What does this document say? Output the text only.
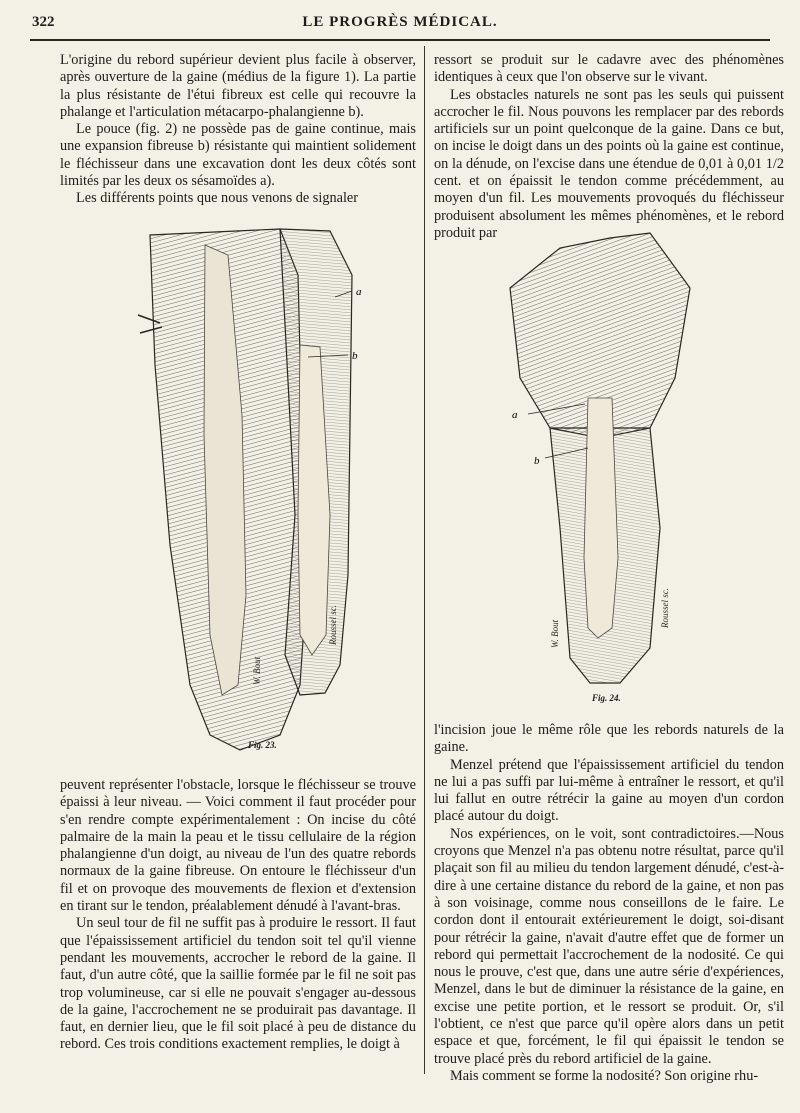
322	LE PROGRÈS MÉDICAL.

L'origine du rebord supérieur devient plus facile à observer, après ouverture de la gaine (médius de la figure 1). La partie la plus résistante de l'étui fibreux est celle qui recouvre la phalange et l'articulation métacarpo-phalangienne b).

Le pouce (fig. 2) ne possède pas de gaine continue, mais une expansion fibreuse b) résistante qui maintient solidement le fléchisseur dans une excavation dont les deux côtés sont limités par les deux os sésamoïdes a).

Les différents points que nous venons de signaler

a
b
W. Bout
Roussel sc.
Fig. 23.

peuvent représenter l'obstacle, lorsque le fléchisseur se trouve épaissi à leur niveau. — Voici comment il faut procéder pour s'en rendre compte expérimentalement : On incise du côté palmaire de la main la peau et le tissu cellulaire de la région phalangienne d'un doigt, au niveau de l'un des quatre rebords normaux de la gaine fibreuse. On entoure le fléchisseur d'un fil et on provoque des mouvements de flexion et d'extension en tirant sur le tendon, préalablement dénudé à l'avant-bras.

Un seul tour de fil ne suffit pas à produire le ressort. Il faut que l'épaississement artificiel du tendon soit tel qu'il vienne pendant les mouvements, accrocher le rebord de la gaine. Il faut, d'un autre côté, que la saillie formée par le fil ne soit pas trop volumineuse, car si elle ne pouvait s'engager au-dessous de la gaine, l'accrochement ne se produirait pas davantage. Il faut, en dernier lieu, que le fil soit placé à peu de distance du rebord. Ces trois conditions exactement remplies, le doigt à

ressort se produit sur le cadavre avec des phénomènes identiques à ceux que l'on observe sur le vivant.

Les obstacles naturels ne sont pas les seuls qui puissent accrocher le fil. Nous pouvons les remplacer par des rebords artificiels sur un point quelconque de la gaine. Dans ce but, on incise le doigt dans un des points où la gaine est continue, on la dénude, on l'excise dans une étendue de 0,01 à 0,01 1/2 cent. et on épaissit le tendon comme précédemment, au moyen d'un fil. Les mouvements provoqués du fléchisseur produisent absolument les mêmes phénomènes, et le rebord produit par

a
b
W. Bout
Roussel sc.
Fig. 24.

l'incision joue le même rôle que les rebords naturels de la gaine.

Menzel prétend que l'épaississement artificiel du tendon ne lui a pas suffi par lui-même à entraîner le ressort, et qu'il lui fallut en outre rétrécir la gaine au moyen d'un cordon placé autour du doigt.

Nos expériences, on le voit, sont contradictoires.—Nous croyons que Menzel n'a pas obtenu notre résultat, parce qu'il plaçait son fil au milieu du tendon largement dénudé, c'est-à-dire à une certaine distance du rebord de la gaine, et non pas à son voisinage, comme nous conseillons de le faire. Le cordon dont il entourait extérieurement le doigt, soi-disant pour rétrécir la gaine, n'avait d'autre effet que de former un rebord qui permettait l'accrochement de la nodosité. Ce qui nous le prouve, c'est que, dans une autre série d'expériences, Menzel, dans le but de diminuer la résistance de la gaine, en excise une petite portion, et le ressort se produit. Or, s'il l'obtient, ce n'est que parce qu'il opère alors dans un petit espace et que, forcément, le fil qui épaissit le tendon se trouve placé près du rebord artificiel de la gaine.

Mais comment se forme la nodosité? Son origine rhu-
